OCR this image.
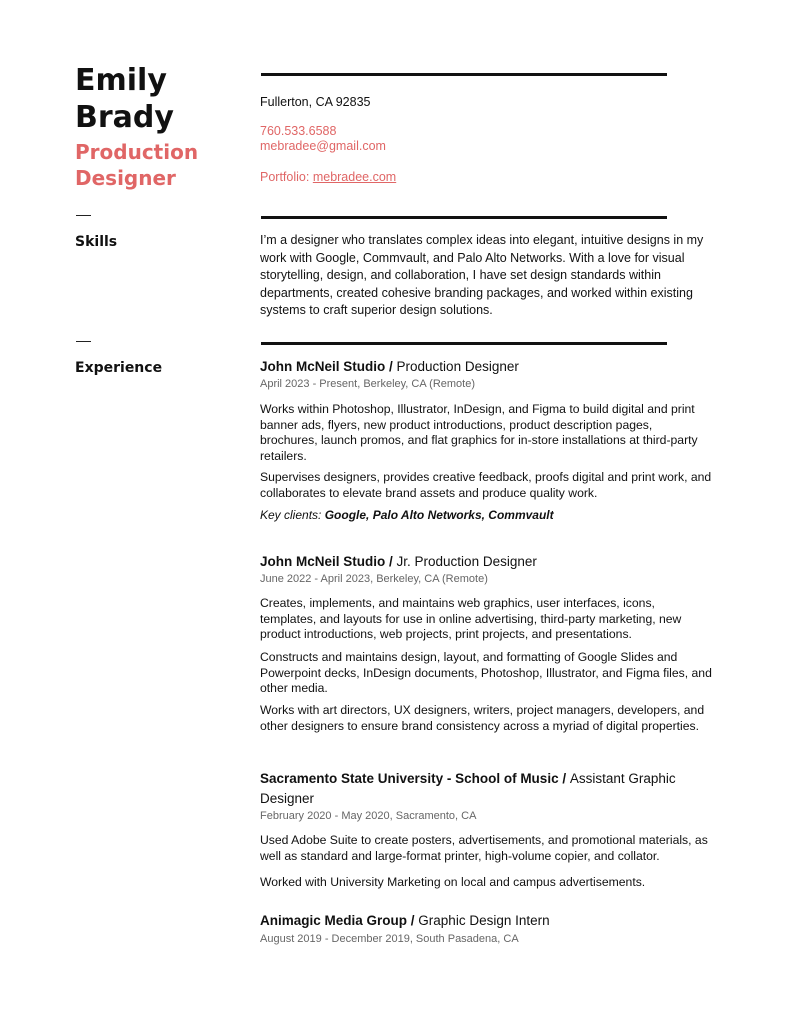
Emily
Brady
Production
Designer
Fullerton, CA 92835
760.533.6588
mebradee@gmail.com
Portfolio: mebradee.com
Skills	I’m a designer who translates complex ideas into elegant, intuitive designs in my work with Google, Commvault, and Palo Alto Networks. With a love for visual storytelling, design, and collaboration, I have set design standards within departments, created cohesive branding packages, and worked within existing systems to craft superior design solutions.
Experience	John McNeil Studio / Production Designer
April 2023 - Present, Berkeley, CA (Remote)
Works within Photoshop, Illustrator, InDesign, and Figma to build digital and print banner ads, flyers, new product introductions, product description pages, brochures, launch promos, and flat graphics for in-store installations at third-party retailers.
Supervises designers, provides creative feedback, proofs digital and print work, and collaborates to elevate brand assets and produce quality work.
Key clients: Google, Palo Alto Networks, Commvault
John McNeil Studio / Jr. Production Designer
June 2022 - April 2023, Berkeley, CA (Remote)
Creates, implements, and maintains web graphics, user interfaces, icons, templates, and layouts for use in online advertising, third-party marketing, new product introductions, web projects, print projects, and presentations.
Constructs and maintains design, layout, and formatting of Google Slides and Powerpoint decks, InDesign documents, Photoshop, Illustrator, and Figma files, and other media.
Works with art directors, UX designers, writers, project managers, developers, and other designers to ensure brand consistency across a myriad of digital properties.
Sacramento State University - School of Music / Assistant Graphic Designer
February 2020 - May 2020, Sacramento, CA
Used Adobe Suite to create posters, advertisements, and promotional materials, as well as standard and large-format printer, high-volume copier, and collator.
Worked with University Marketing on local and campus advertisements.
Animagic Media Group / Graphic Design Intern
August 2019 - December 2019, South Pasadena, CA
